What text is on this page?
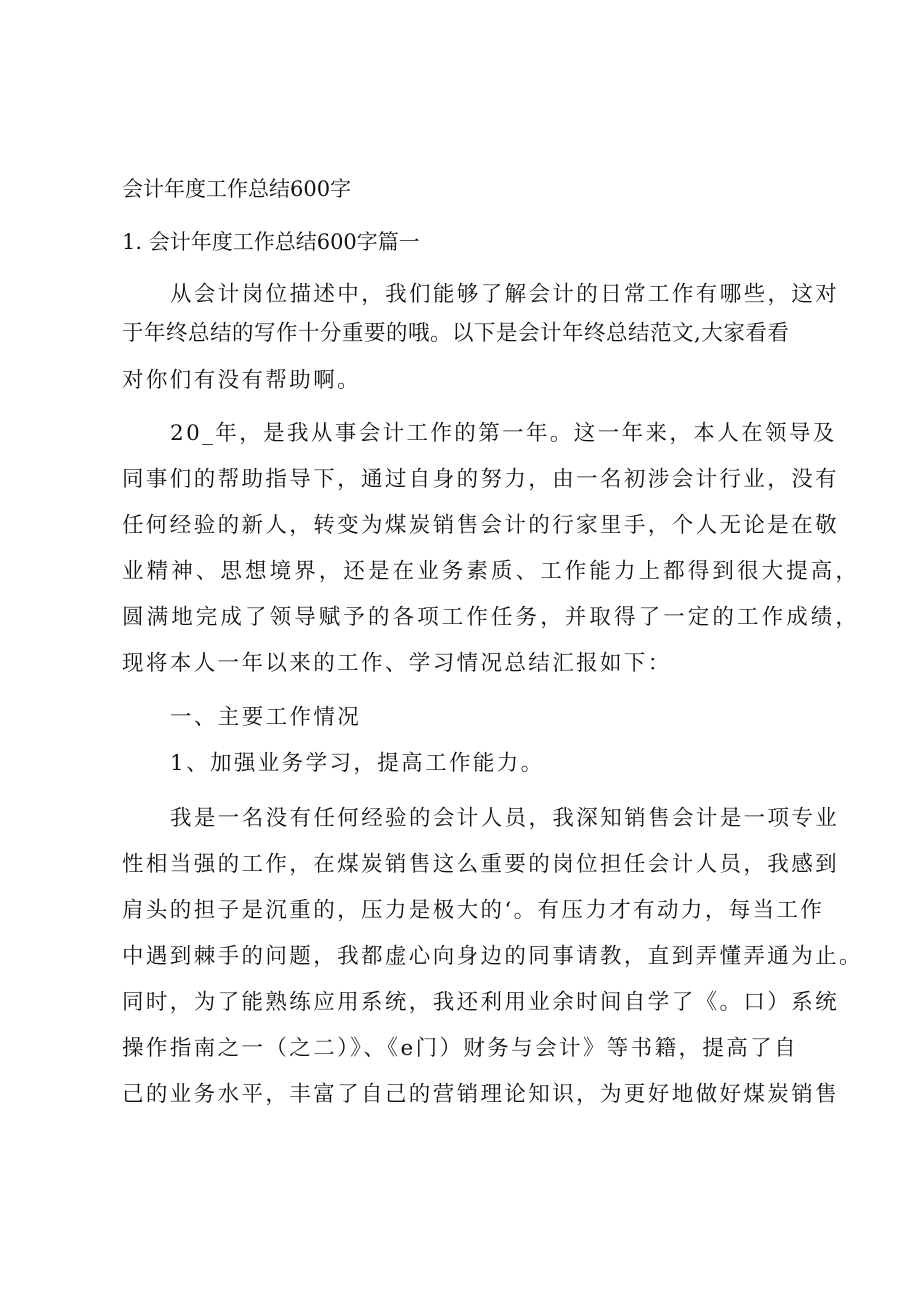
会计年度工作总结600字
1. 会计年度工作总结600字篇一
从会计岗位描述中，我们能够了解会计的日常工作有哪些，这对
于年终总结的写作十分重要的哦。以下是会计年终总结范文,大家看看
对你们有没有帮助啊。
20_年，是我从事会计工作的第一年。这一年来，本人在领导及
同事们的帮助指导下，通过自身的努力，由一名初涉会计行业，没有
任何经验的新人，转变为煤炭销售会计的行家里手，个人无论是在敬
业精神、思想境界，还是在业务素质、工作能力上都得到很大提高，
圆满地完成了领导赋予的各项工作任务，并取得了一定的工作成绩，
现将本人一年以来的工作、学习情况总结汇报如下：
一、主要工作情况
1、加强业务学习，提高工作能力。
我是一名没有任何经验的会计人员，我深知销售会计是一项专业
性相当强的工作，在煤炭销售这么重要的岗位担任会计人员，我感到
肩头的担子是沉重的，压力是极大的‘。有压力才有动力，每当工作
中遇到棘手的问题，我都虚心向身边的同事请教，直到弄懂弄通为止。
同时，为了能熟练应用系统，我还利用业余时间自学了《。口）系统
操作指南之一（之二）》、《e门）财务与会计》等书籍，提高了自
己的业务水平，丰富了自己的营销理论知识，为更好地做好煤炭销售
